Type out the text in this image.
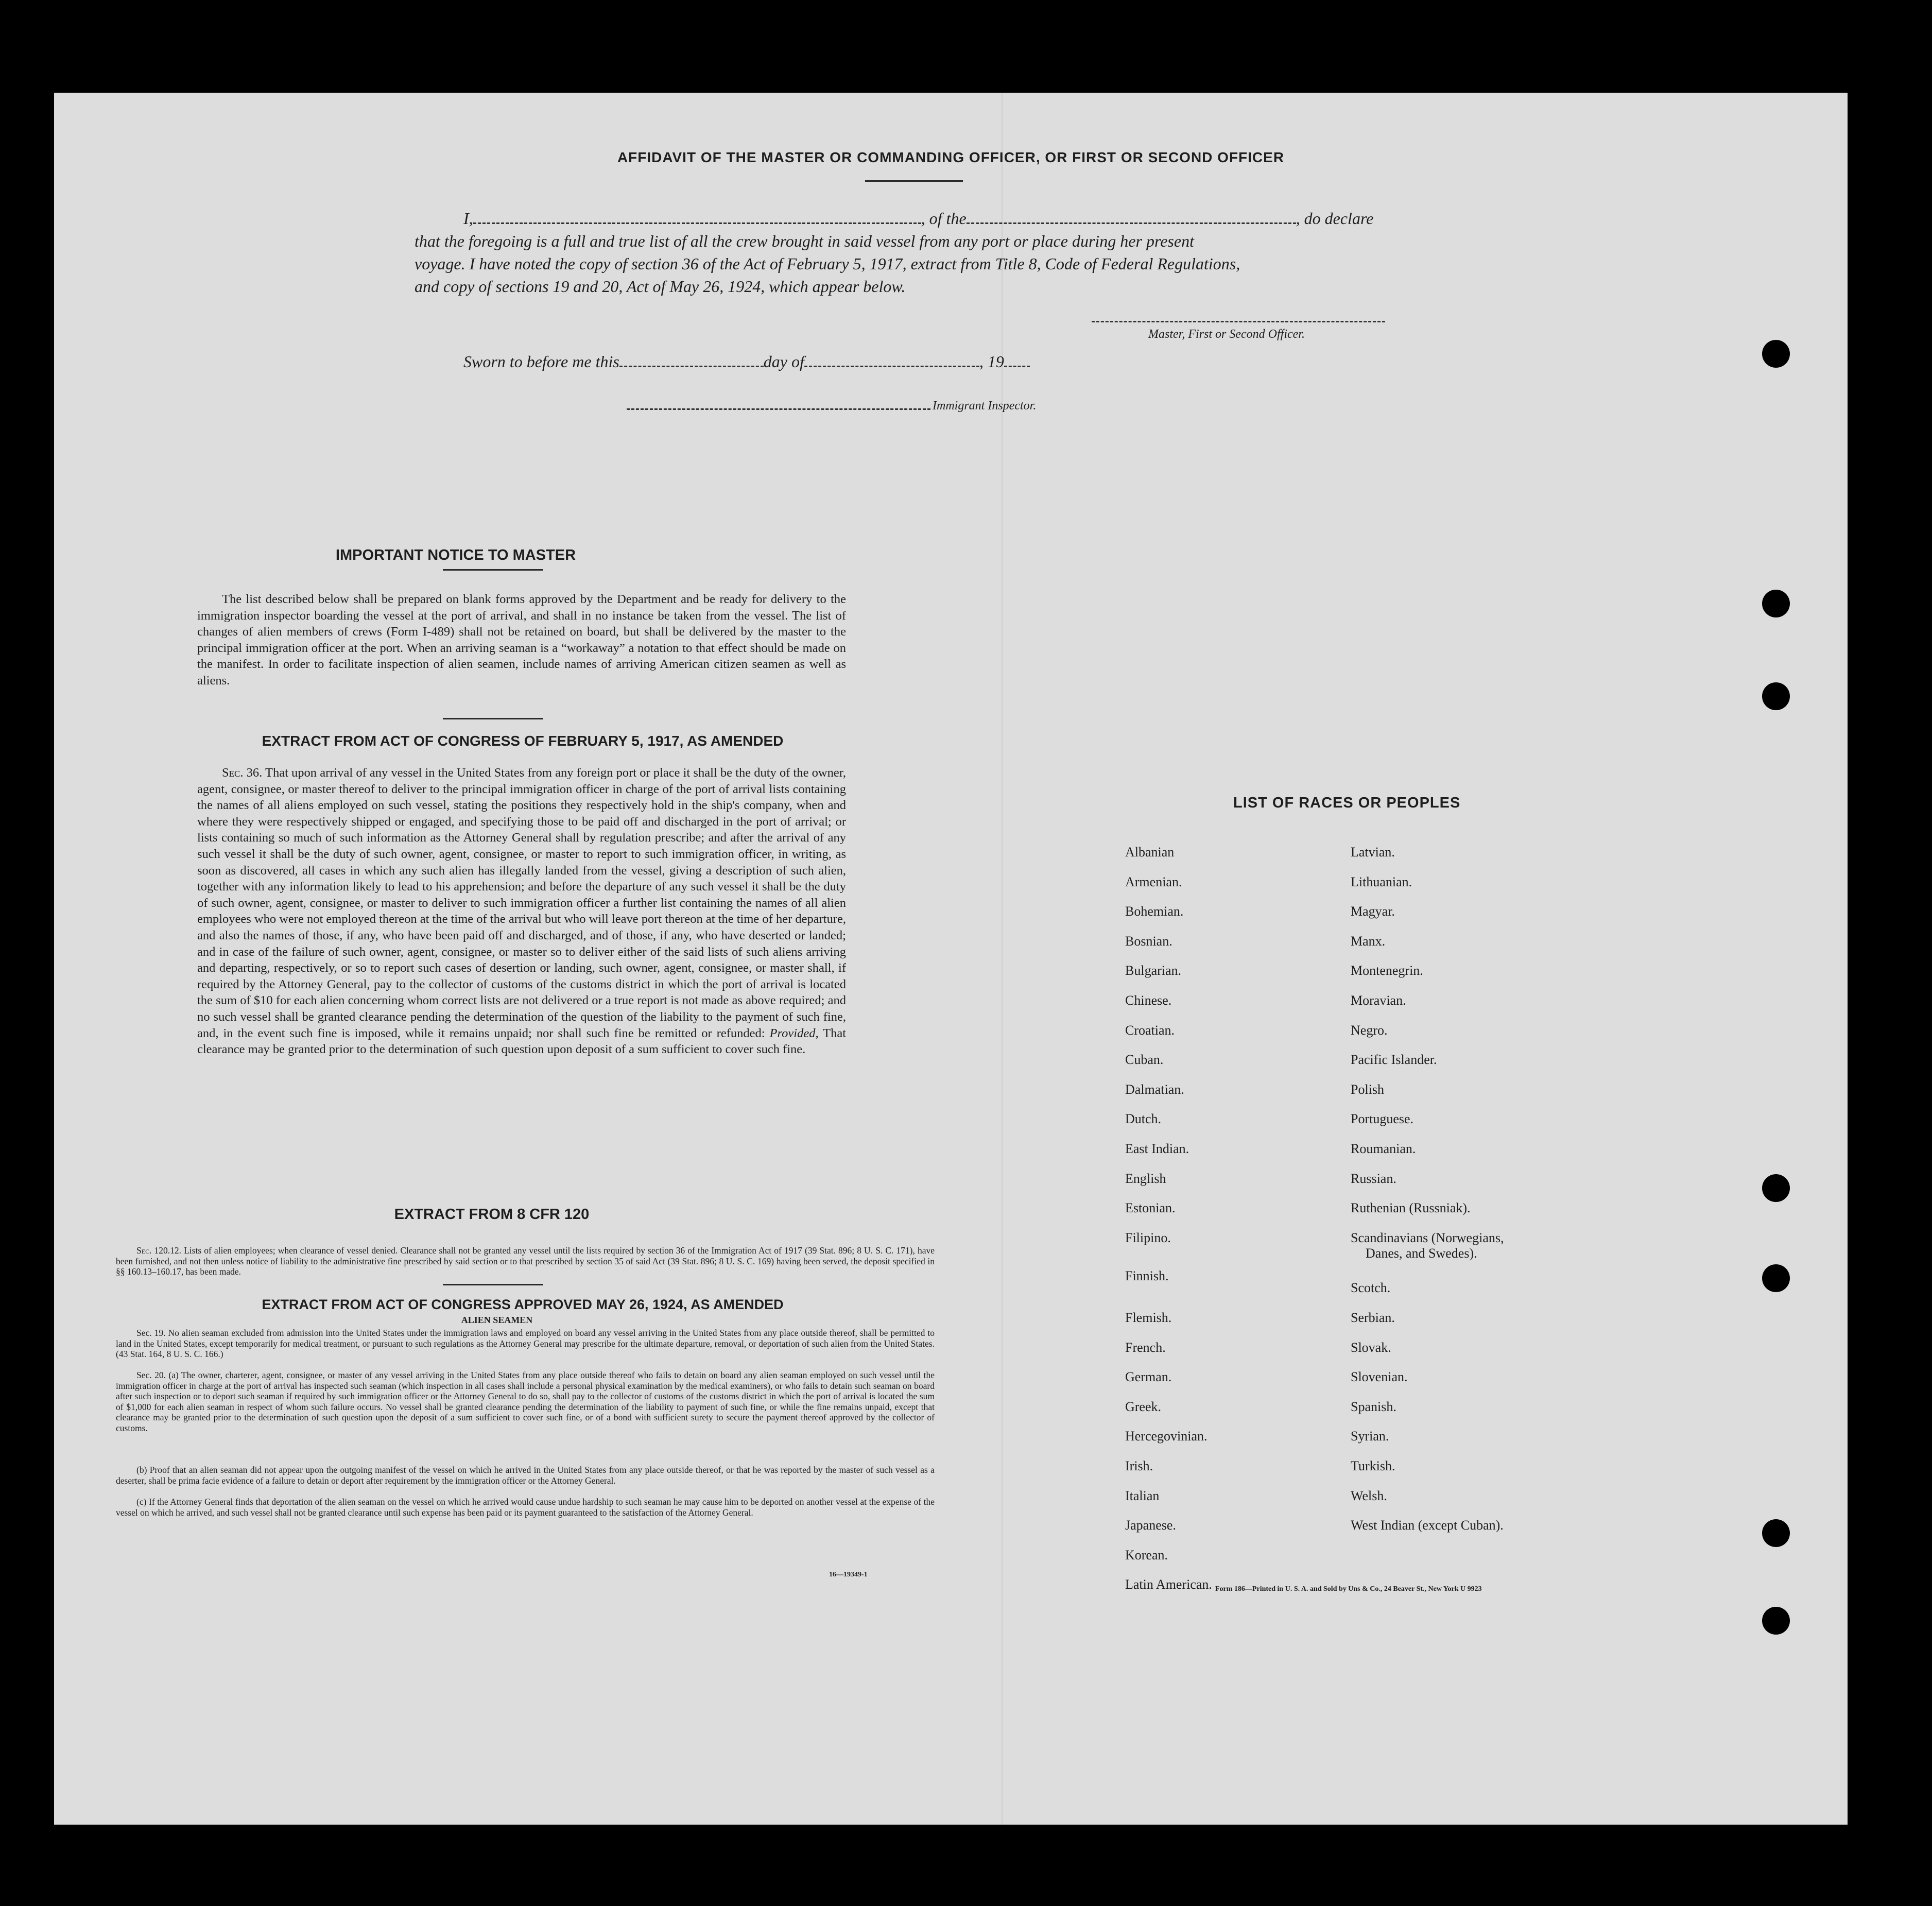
AFFIDAVIT OF THE MASTER OR COMMANDING OFFICER, OR FIRST OR SECOND OFFICER
I,	, of the	, do declare
that the foregoing is a full and true list of all the crew brought in said vessel from any port or place during her present
voyage. I have noted the copy of section 36 of the Act of February 5, 1917, extract from Title 8, Code of Federal Regulations,
and copy of sections 19 and 20, Act of May 26, 1924, which appear below.
Master, First or Second Officer.
Sworn to before me this	day of	, 19
Immigrant Inspector.
IMPORTANT NOTICE TO MASTER
The list described below shall be prepared on blank forms approved by the Department and be ready for delivery to the immigration inspector boarding the vessel at the port of arrival, and shall in no instance be taken from the vessel. The list of changes of alien members of crews (Form I-489) shall not be retained on board, but shall be delivered by the master to the principal immigration officer at the port. When an arriving seaman is a “workaway” a notation to that effect should be made on the manifest. In order to facilitate inspection of alien seamen, include names of arriving American citizen seamen as well as aliens.
EXTRACT FROM ACT OF CONGRESS OF FEBRUARY 5, 1917, AS AMENDED
Sec. 36. That upon arrival of any vessel in the United States from any foreign port or place it shall be the duty of the owner, agent, consignee, or master thereof to deliver to the principal immigration officer in charge of the port of arrival lists containing the names of all aliens employed on such vessel, stating the positions they respectively hold in the ship's company, when and where they were respectively shipped or engaged, and specifying those to be paid off and discharged in the port of arrival; or lists containing so much of such information as the Attorney General shall by regulation prescribe; and after the arrival of any such vessel it shall be the duty of such owner, agent, consignee, or master to report to such immigration officer, in writing, as soon as discovered, all cases in which any such alien has illegally landed from the vessel, giving a description of such alien, together with any information likely to lead to his apprehension; and before the departure of any such vessel it shall be the duty of such owner, agent, consignee, or master to deliver to such immigration officer a further list containing the names of all alien employees who were not employed thereon at the time of the arrival but who will leave port thereon at the time of her departure, and also the names of those, if any, who have been paid off and discharged, and of those, if any, who have deserted or landed; and in case of the failure of such owner, agent, consignee, or master so to deliver either of the said lists of such aliens arriving and departing, respectively, or so to report such cases of desertion or landing, such owner, agent, consignee, or master shall, if required by the Attorney General, pay to the collector of customs of the customs district in which the port of arrival is located the sum of $10 for each alien concerning whom correct lists are not delivered or a true report is not made as above required; and no such vessel shall be granted clearance pending the determination of the question of the liability to the payment of such fine, and, in the event such fine is imposed, while it remains unpaid; nor shall such fine be remitted or refunded: Provided, That clearance may be granted prior to the determination of such question upon deposit of a sum sufficient to cover such fine.
EXTRACT FROM 8 CFR 120
Sec. 120.12. Lists of alien employees; when clearance of vessel denied. Clearance shall not be granted any vessel until the lists required by section 36 of the Immigration Act of 1917 (39 Stat. 896; 8 U. S. C. 171), have been furnished, and not then unless notice of liability to the administrative fine prescribed by said section or to that prescribed by section 35 of said Act (39 Stat. 896; 8 U. S. C. 169) having been served, the deposit specified in §§ 160.13–160.17, has been made.
EXTRACT FROM ACT OF CONGRESS APPROVED MAY 26, 1924, AS AMENDED
ALIEN SEAMEN
Sec. 19. No alien seaman excluded from admission into the United States under the immigration laws and employed on board any vessel arriving in the United States from any place outside thereof, shall be permitted to land in the United States, except temporarily for medical treatment, or pursuant to such regulations as the Attorney General may prescribe for the ultimate departure, removal, or deportation of such alien from the United States. (43 Stat. 164, 8 U. S. C. 166.)
Sec. 20. (a) The owner, charterer, agent, consignee, or master of any vessel arriving in the United States from any place outside thereof who fails to detain on board any alien seaman employed on such vessel until the immigration officer in charge at the port of arrival has inspected such seaman (which inspection in all cases shall include a personal physical examination by the medical examiners), or who fails to detain such seaman on board after such inspection or to deport such seaman if required by such immigration officer or the Attorney General to do so, shall pay to the collector of customs of the customs district in which the port of arrival is located the sum of $1,000 for each alien seaman in respect of whom such failure occurs. No vessel shall be granted clearance pending the determination of the liability to payment of such fine, or while the fine remains unpaid, except that clearance may be granted prior to the determination of such question upon the deposit of a sum sufficient to cover such fine, or of a bond with sufficient surety to secure the payment thereof approved by the collector of customs.
(b) Proof that an alien seaman did not appear upon the outgoing manifest of the vessel on which he arrived in the United States from any place outside thereof, or that he was reported by the master of such vessel as a deserter, shall be prima facie evidence of a failure to detain or deport after requirement by the immigration officer or the Attorney General.
(c) If the Attorney General finds that deportation of the alien seaman on the vessel on which he arrived would cause undue hardship to such seaman he may cause him to be deported on another vessel at the expense of the vessel on which he arrived, and such vessel shall not be granted clearance until such expense has been paid or its payment guaranteed to the satisfaction of the Attorney General.
16—19349-1
LIST OF RACES OR PEOPLES
Albanian
Armenian.
Bohemian.
Bosnian.
Bulgarian.
Chinese.
Croatian.
Cuban.
Dalmatian.
Dutch.
East Indian.
English
Estonian.
Filipino.
Finnish.
Flemish.
French.
German.
Greek.
Hercegovinian.
Irish.
Italian
Japanese.
Korean.
Latin American.
Latvian.
Lithuanian.
Magyar.
Manx.
Montenegrin.
Moravian.
Negro.
Pacific Islander.
Polish
Portuguese.
Roumanian.
Russian.
Ruthenian (Russniak).
Scandinavians (Norwegians,
Danes, and Swedes).
Scotch.
Serbian.
Slovak.
Slovenian.
Spanish.
Syrian.
Turkish.
Welsh.
West Indian (except Cuban).
Form 186—Printed in U. S. A. and Sold by Uns & Co., 24 Beaver St., New York U 9923
